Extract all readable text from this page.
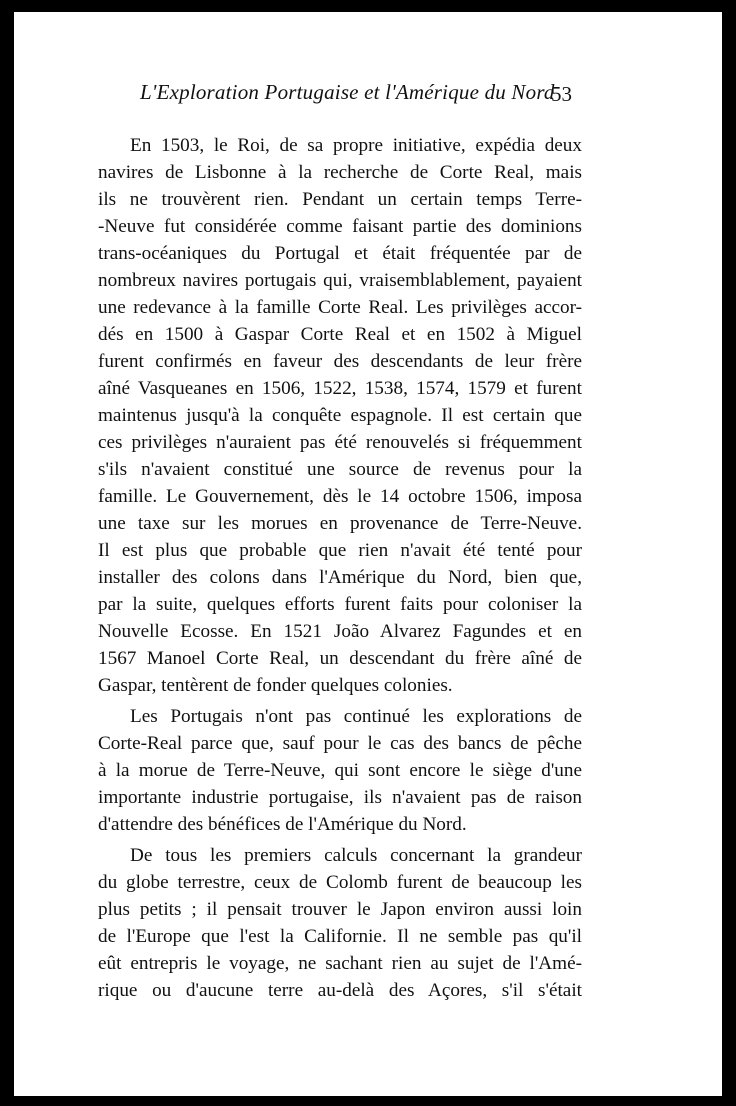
L'Exploration Portugaise et l'Amérique du Nord
53
En 1503, le Roi, de sa propre initiative, expédia deux
navires de Lisbonne à la recherche de Corte Real, mais
ils ne trouvèrent rien. Pendant un certain temps Terre-
-Neuve fut considérée comme faisant partie des dominions
trans-océaniques du Portugal et était fréquentée par de
nombreux navires portugais qui, vraisemblablement, payaient
une redevance à la famille Corte Real. Les privilèges accor-
dés en 1500 à Gaspar Corte Real et en 1502 à Miguel
furent confirmés en faveur des descendants de leur frère
aîné Vasqueanes en 1506, 1522, 1538, 1574, 1579 et furent
maintenus jusqu'à la conquête espagnole. Il est certain que
ces privilèges n'auraient pas été renouvelés si fréquemment
s'ils n'avaient constitué une source de revenus pour la
famille. Le Gouvernement, dès le 14 octobre 1506, imposa
une taxe sur les morues en provenance de Terre-Neuve.
Il est plus que probable que rien n'avait été tenté pour
installer des colons dans l'Amérique du Nord, bien que,
par la suite, quelques efforts furent faits pour coloniser la
Nouvelle Ecosse. En 1521 João Alvarez Fagundes et en
1567 Manoel Corte Real, un descendant du frère aîné de
Gaspar, tentèrent de fonder quelques colonies.
Les Portugais n'ont pas continué les explorations de
Corte-Real parce que, sauf pour le cas des bancs de pêche
à la morue de Terre-Neuve, qui sont encore le siège d'une
importante industrie portugaise, ils n'avaient pas de raison
d'attendre des bénéfices de l'Amérique du Nord.
De tous les premiers calculs concernant la grandeur
du globe terrestre, ceux de Colomb furent de beaucoup les
plus petits ; il pensait trouver le Japon environ aussi loin
de l'Europe que l'est la Californie. Il ne semble pas qu'il
eût entrepris le voyage, ne sachant rien au sujet de l'Amé-
rique ou d'aucune terre au-delà des Açores, s'il s'était
